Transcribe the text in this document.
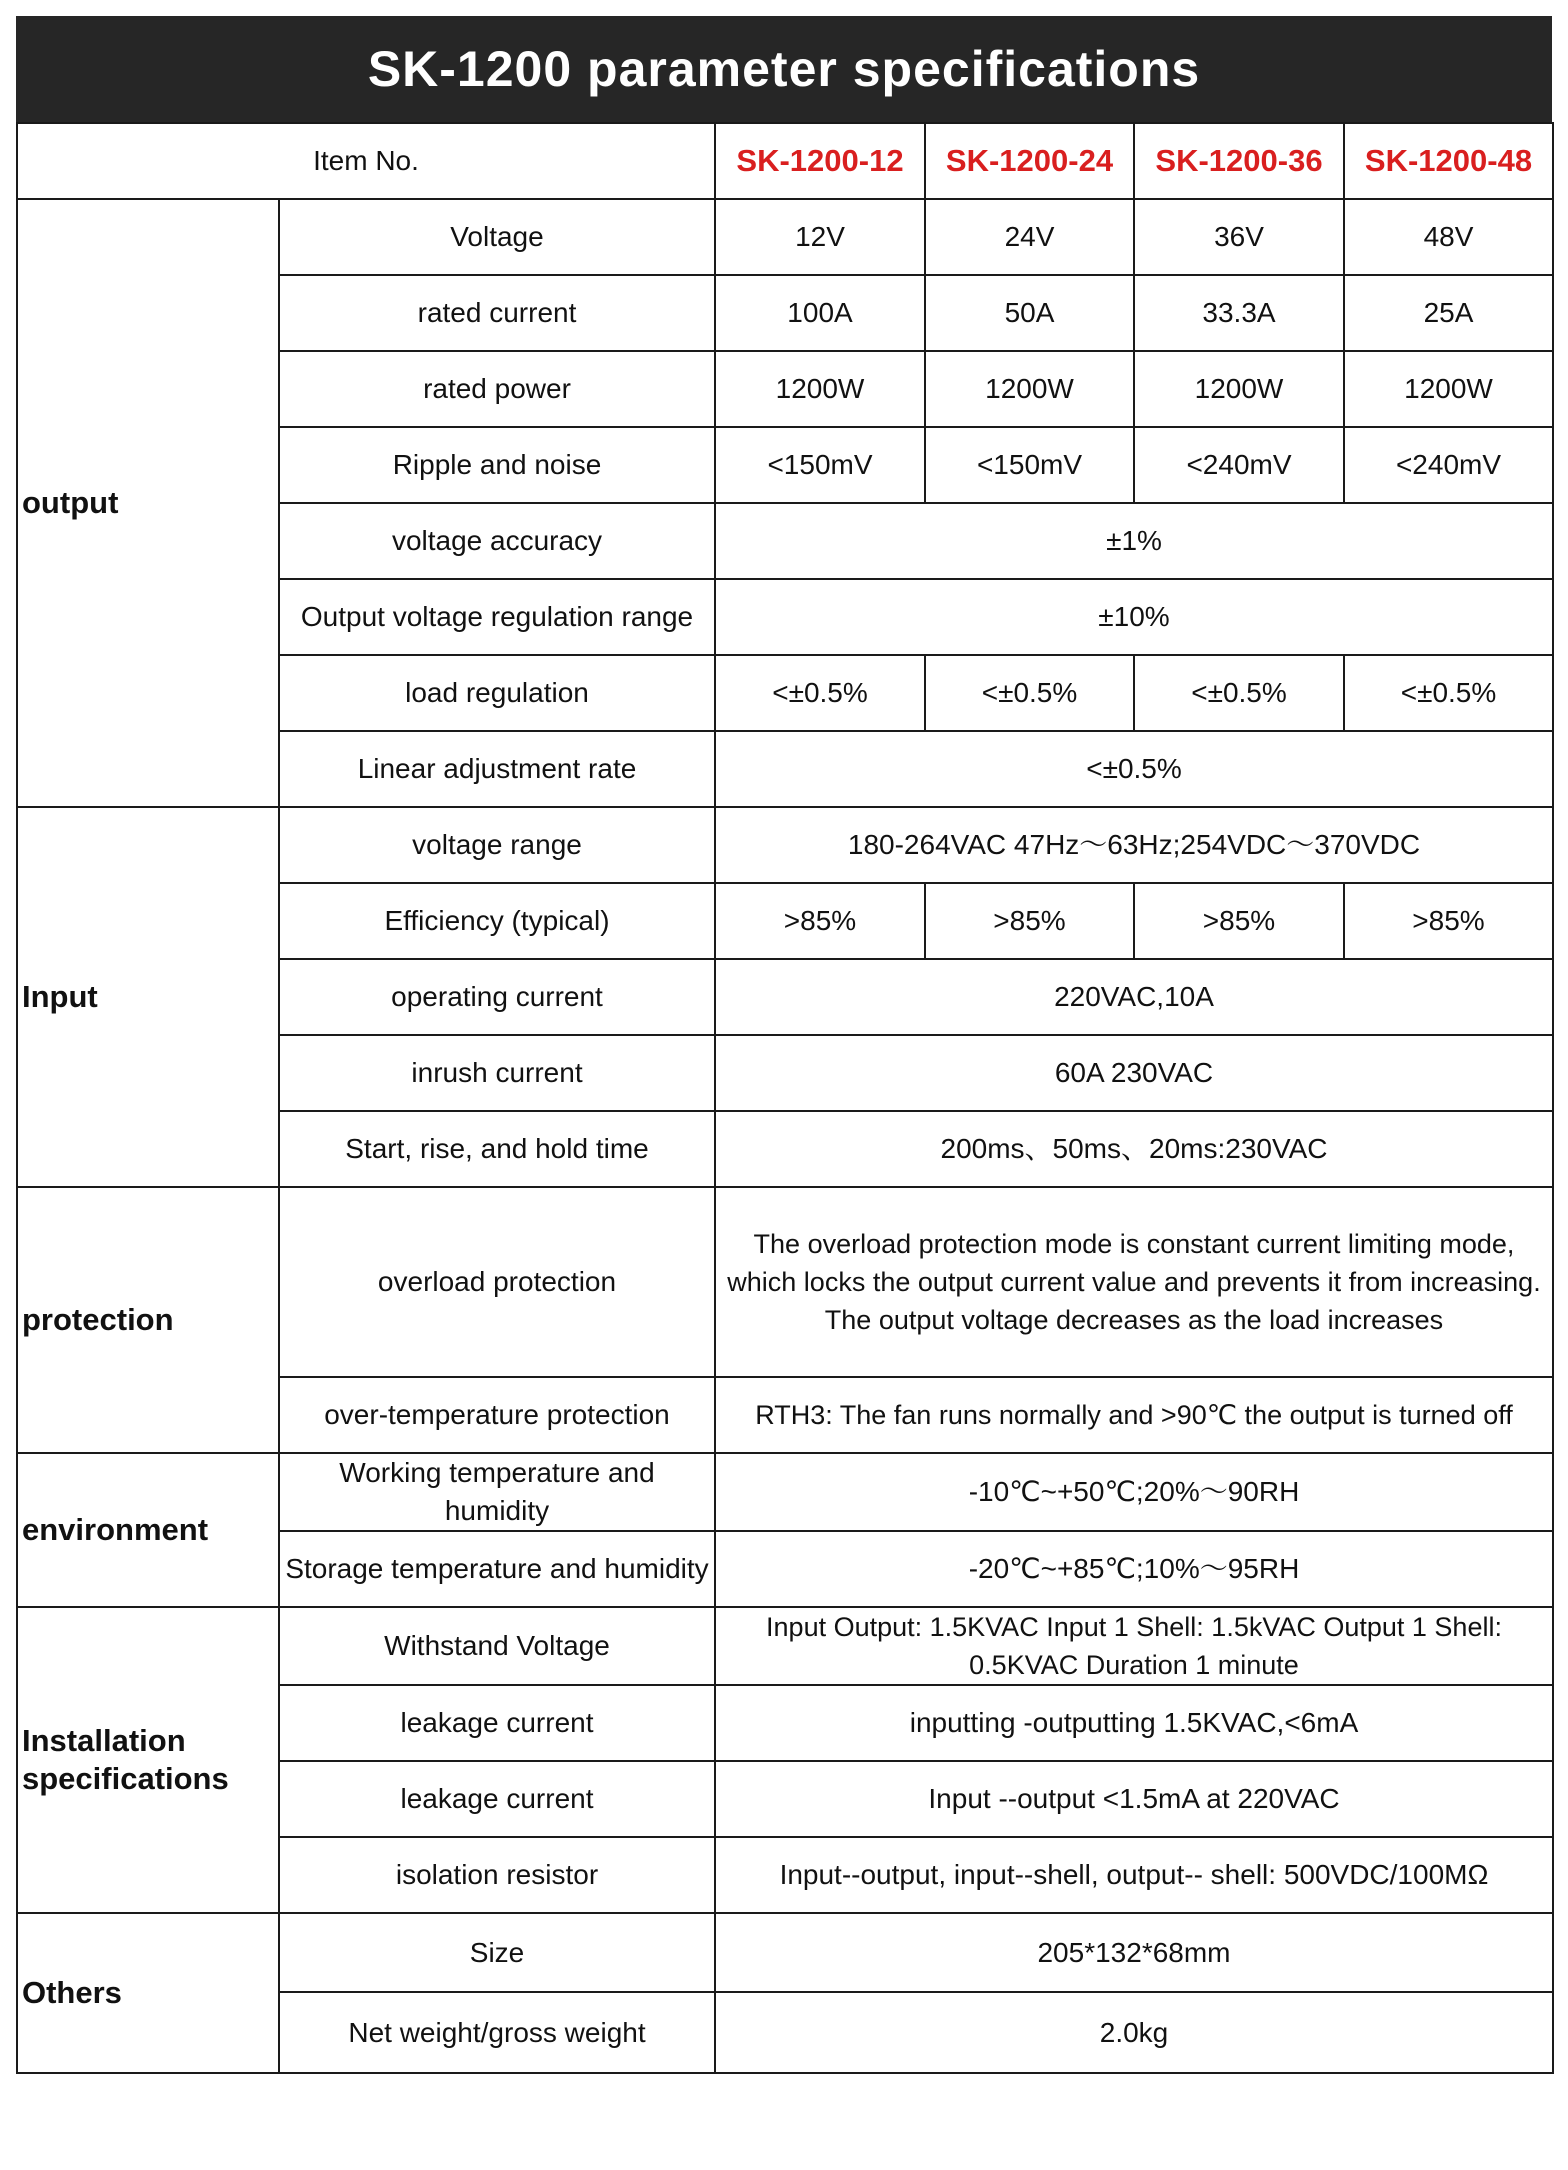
SK-1200 parameter specifications
Item No.		SK-1200-12	SK-1200-24	SK-1200-36	SK-1200-48
output	Voltage	12V	24V	36V	48V
	rated current	100A	50A	33.3A	25A
	rated power	1200W	1200W	1200W	1200W
	Ripple and noise	<150mV	<150mV	<240mV	<240mV
	voltage accuracy	±1%			
	Output voltage regulation range	±10%			
	load regulation	<±0.5%	<±0.5%	<±0.5%	<±0.5%
	Linear adjustment rate	<±0.5%			
Input	voltage range	180-264VAC 47Hz～63Hz;254VDC～370VDC			
	Efficiency (typical)	>85%	>85%	>85%	>85%
	operating current	220VAC,10A			
	inrush current	60A 230VAC			
	Start, rise, and hold time	200ms、50ms、20ms:230VAC			
protection	overload protection	The overload protection mode is constant current limiting mode, which locks the output current value and prevents it from increasing. The output voltage decreases as the load increases			
	over-temperature protection	RTH3: The fan runs normally and >90℃ the output is turned off			
environment	Working temperature and humidity	-10℃~+50℃;20%～90RH			
	Storage temperature and humidity	-20℃~+85℃;10%～95RH			
Installation specifications	Withstand Voltage	Input Output: 1.5KVAC Input 1 Shell: 1.5kVAC Output 1 Shell: 0.5KVAC Duration 1 minute			
	leakage current	inputting -outputting 1.5KVAC,<6mA			
	leakage current	Input --output <1.5mA at 220VAC			
	isolation resistor	Input--output, input--shell, output-- shell: 500VDC/100MΩ			
Others	Size	205*132*68mm			
	Net weight/gross weight	2.0kg			
